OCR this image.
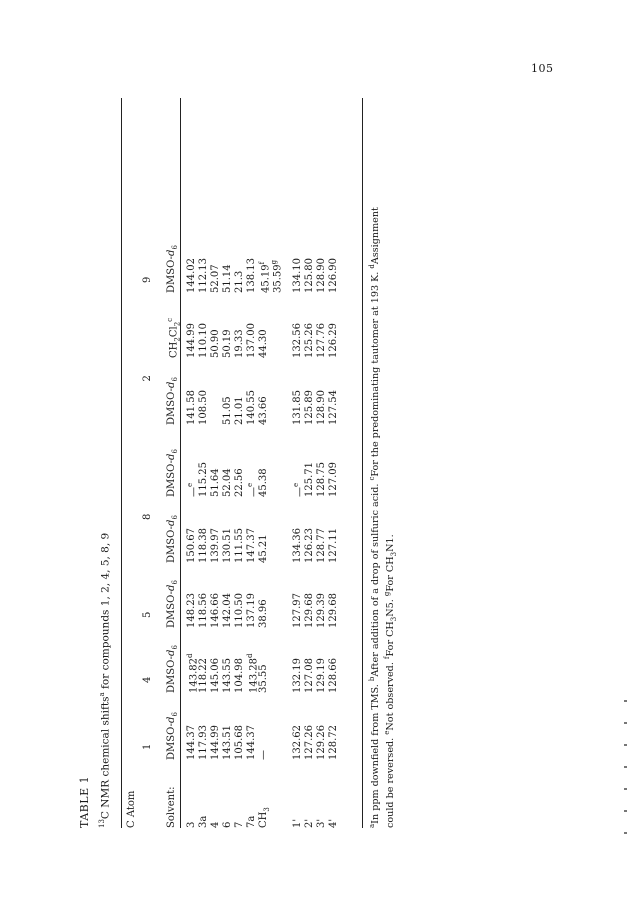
105
TABLE 1 $^{13}$C NMR chemical shifts$^a$ for compounds 1, 2, 4, 5, 8, 9
C Atom	Solvent:
1
4
5
8
2
9
DMSO-$d_6$
DMSO-$d_6$
DMSO-$d_6$
DMSO-$d_6$
DMSO-$d_6$
DMSO-$d_6$
$CH_2Cl_2^c$
DMSO-$d_6$
3
144.37
143.82$^d$
148.23
150.67
—$^e$
141.58
144.99
144.02
3a
117.93
118.22
118.56
118.38
115.25
108.50
110.10
112.13
4
144.99
145.06
146.66
139.97
51.64
50.90
52.07
6
143.51
143.55
142.04
130.51
52.04
51.05
50.19
51.14
7
105.68
104.98
110.50
111.55
22.56
21.01
19.33
21.3
7a
144.37
143.28$^d$
137.19
147.37
—$^e$
140.55
137.00
138.13
$CH_3$
—
35.55
38.96
45.21
45.38
43.66
44.30
45.19$^f$
35.59$^g$
1'
132.62
132.19
127.97
134.36
—$^e$
131.85
132.56
134.10
2'
127.26
127.08
129.68
126.23
125.71
125.89
125.26
125.80
3'
129.26
129.19
129.39
128.77
128.75
128.90
127.76
128.90
4'
128.72
128.66
129.68
127.11
127.09
127.54
126.29
126.90
$^a$In ppm downfield from TMS. $^b$After addition of a drop of sulfuric acid. $^c$For the predominating tautomer at 193 K. $^d$Assignment
could be reversed. $^e$Not observed. $^f$For $CH_3N5$. $^g$For $CH_3N1$.
